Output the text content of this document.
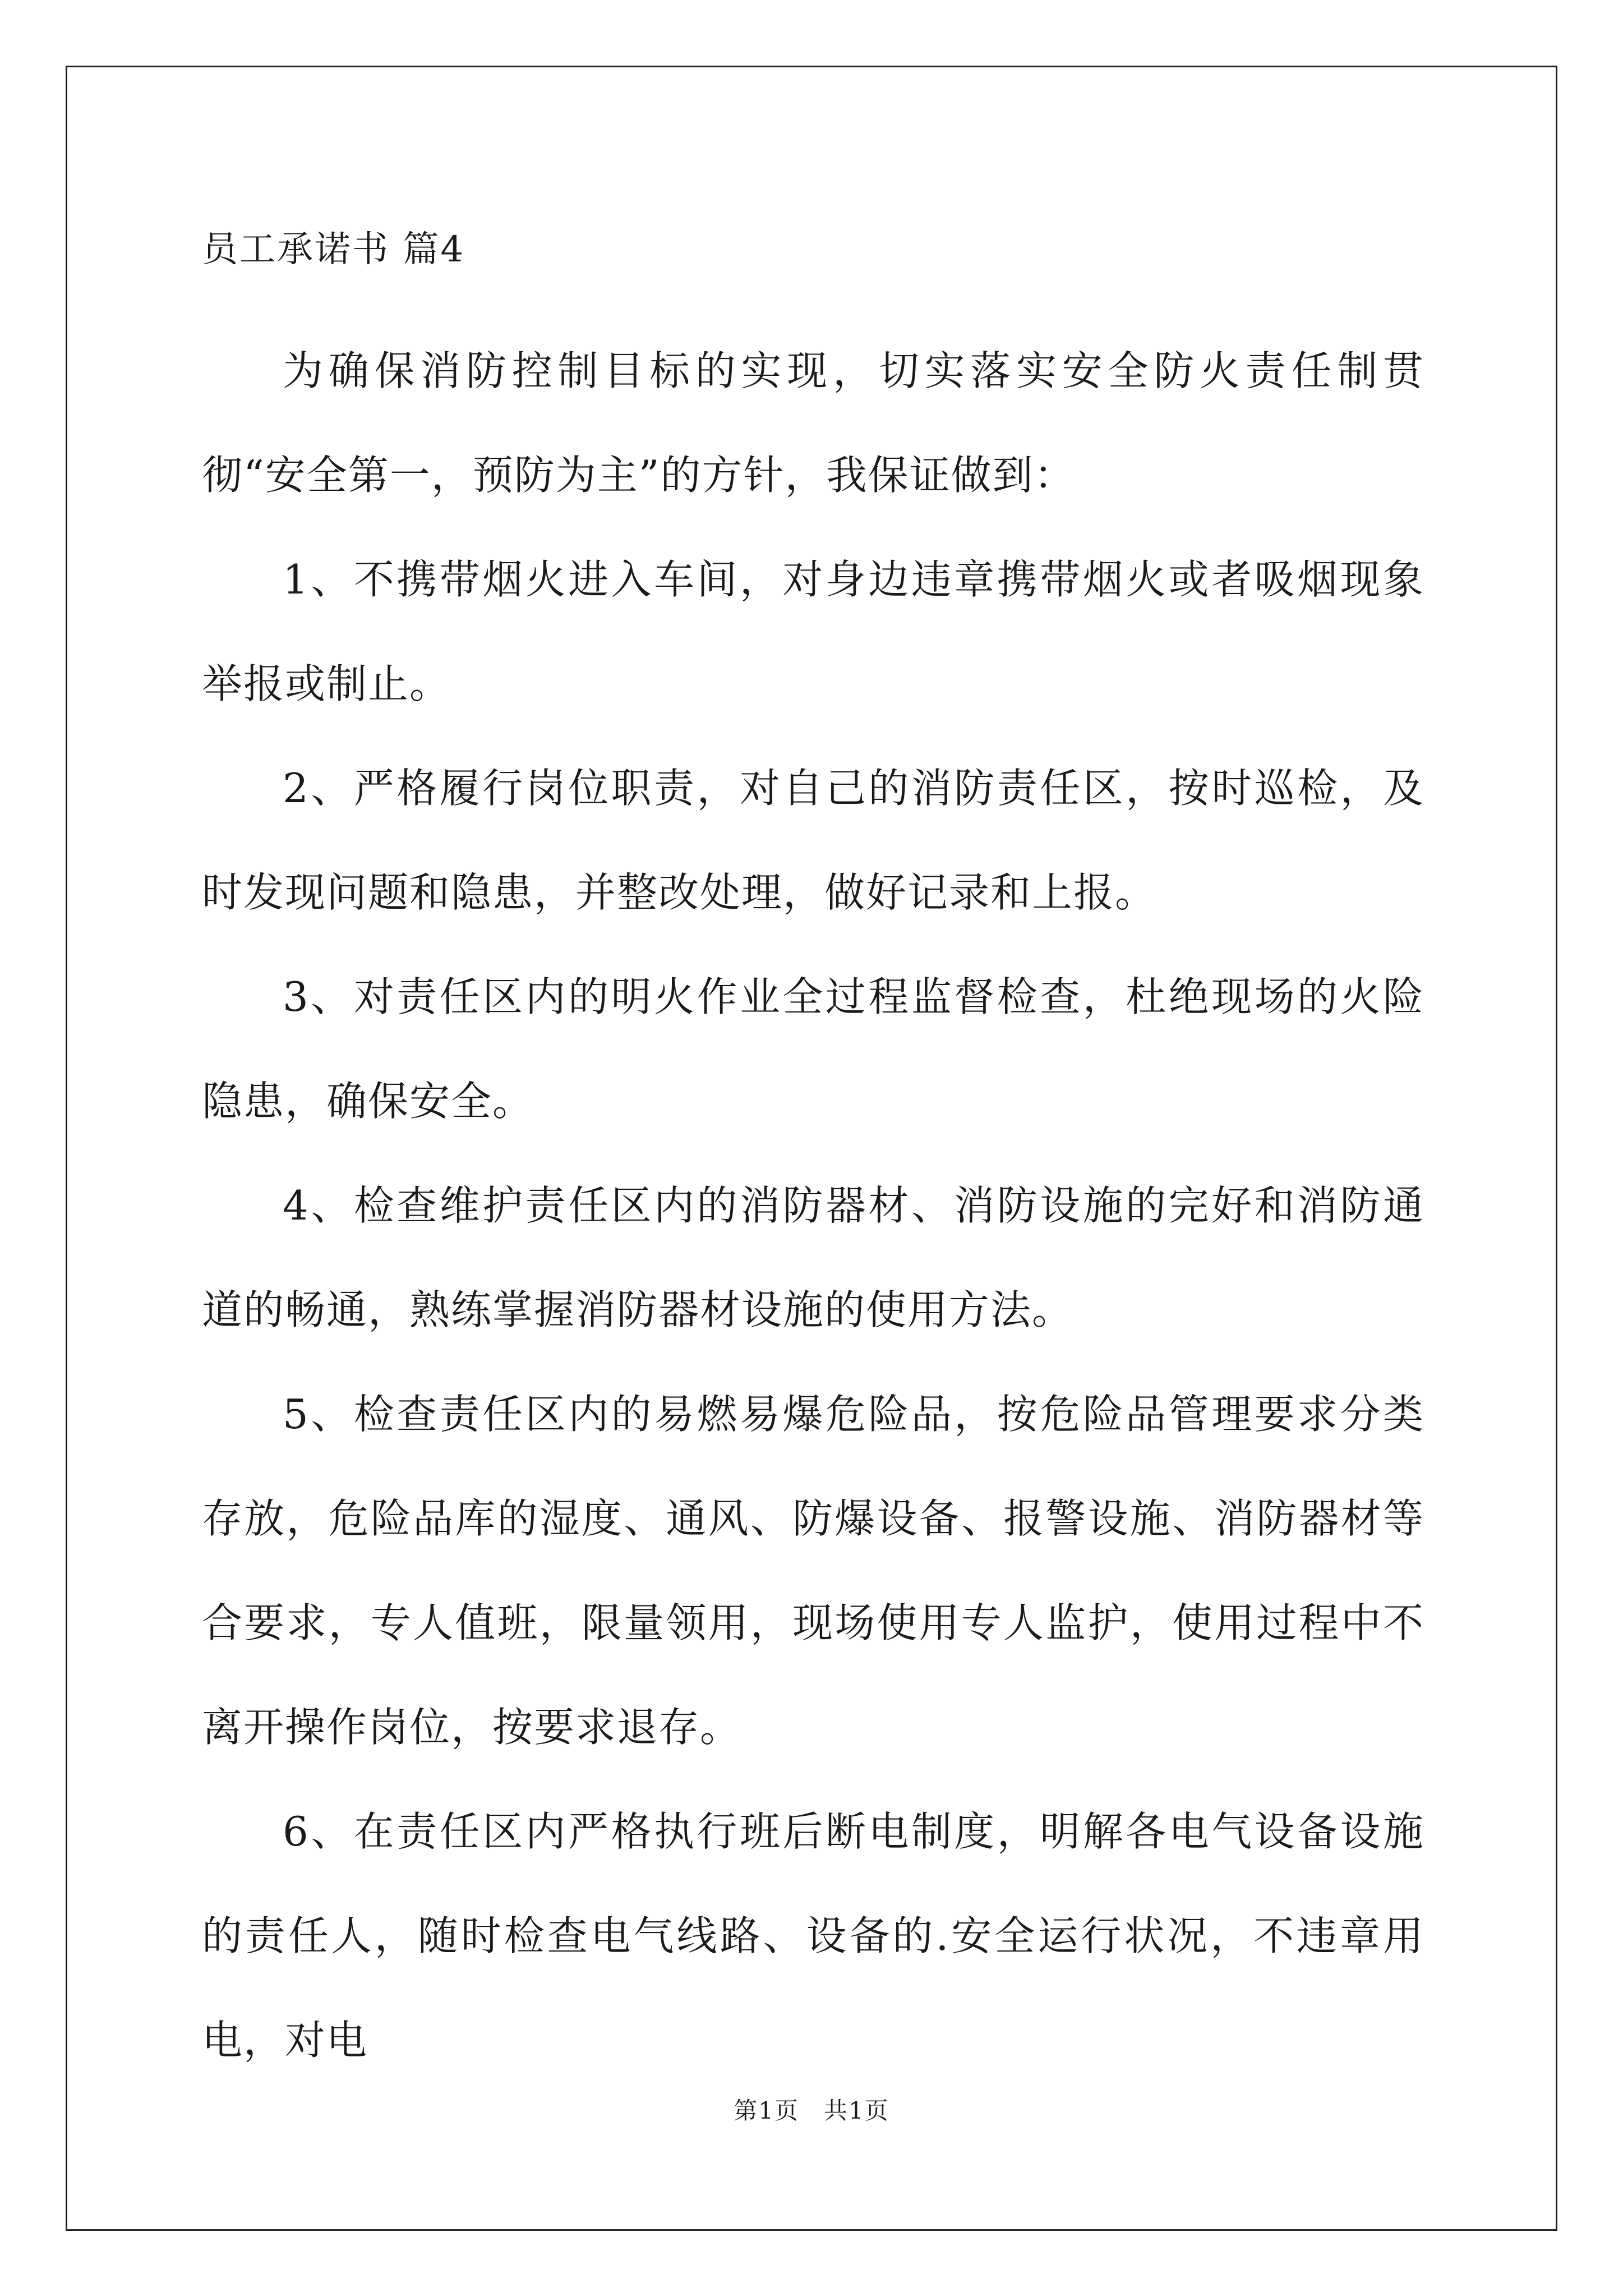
员工承诺书 篇4

为确保消防控制目标的实现，切实落实安全防火责任制贯彻“安全第一，预防为主”的方针，我保证做到：

1、不携带烟火进入车间，对身边违章携带烟火或者吸烟现象举报或制止。

2、严格履行岗位职责，对自己的消防责任区，按时巡检，及时发现问题和隐患，并整改处理，做好记录和上报。

3、对责任区内的明火作业全过程监督检查，杜绝现场的火险隐患，确保安全。

4、检查维护责任区内的消防器材、消防设施的完好和消防通道的畅通，熟练掌握消防器材设施的使用方法。

5、检查责任区内的易燃易爆危险品，按危险品管理要求分类存放，危险品库的湿度、通风、防爆设备、报警设施、消防器材等合要求，专人值班，限量领用，现场使用专人监护，使用过程中不离开操作岗位，按要求退存。

6、在责任区内严格执行班后断电制度，明解各电气设备设施的责任人，随时检查电气线路、设备的.安全运行状况，不违章用电，对电

第1页　共1页
